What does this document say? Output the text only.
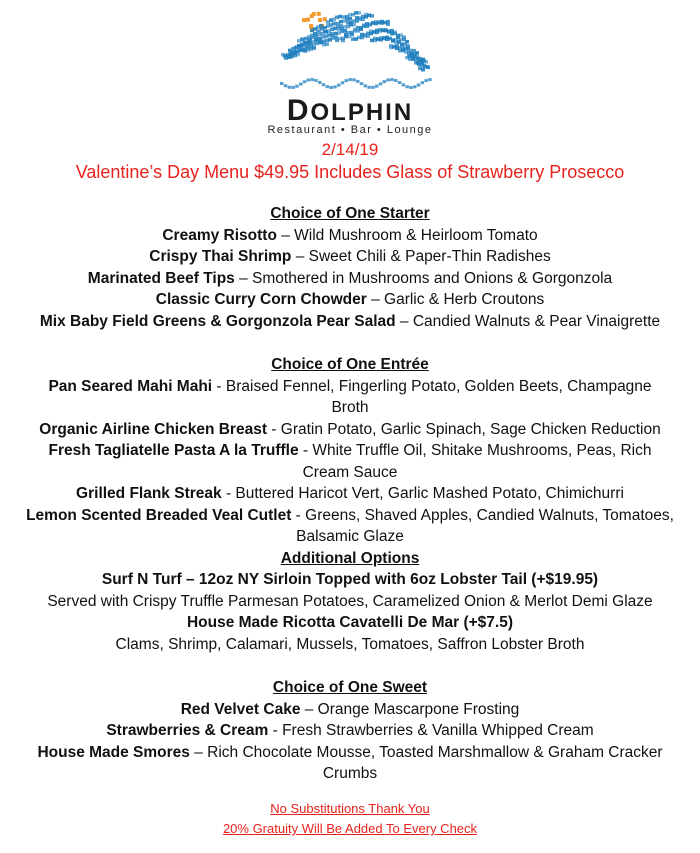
DOLPHIN
Restaurant • Bar • Lounge
2/14/19
Valentine’s Day Menu $49.95 Includes Glass of Strawberry Prosecco

Choice of One Starter

Creamy Risotto – Wild Mushroom & Heirloom Tomato

Crispy Thai Shrimp – Sweet Chili & Paper-Thin Radishes

Marinated Beef Tips – Smothered in Mushrooms and Onions & Gorgonzola

Classic Curry Corn Chowder – Garlic & Herb Croutons

Mix Baby Field Greens & Gorgonzola Pear Salad – Candied Walnuts & Pear Vinaigrette

Choice of One Entrée

Pan Seared Mahi Mahi - Braised Fennel, Fingerling Potato, Golden Beets, Champagne

Broth

Organic Airline Chicken Breast - Gratin Potato, Garlic Spinach, Sage Chicken Reduction

Fresh Tagliatelle Pasta A la Truffle - White Truffle Oil, Shitake Mushrooms, Peas, Rich

Cream Sauce

Grilled Flank Streak - Buttered Haricot Vert, Garlic Mashed Potato, Chimichurri

Lemon Scented Breaded Veal Cutlet - Greens, Shaved Apples, Candied Walnuts, Tomatoes,

Balsamic Glaze

Additional Options

Surf N Turf – 12oz NY Sirloin Topped with 6oz Lobster Tail (+$19.95)

Served with Crispy Truffle Parmesan Potatoes, Caramelized Onion & Merlot Demi Glaze

House Made Ricotta Cavatelli De Mar (+$7.5)

Clams, Shrimp, Calamari, Mussels, Tomatoes, Saffron Lobster Broth

Choice of One Sweet

Red Velvet Cake – Orange Mascarpone Frosting

Strawberries & Cream - Fresh Strawberries & Vanilla Whipped Cream

House Made Smores – Rich Chocolate Mousse, Toasted Marshmallow & Graham Cracker

Crumbs

No Substitutions Thank You

20% Gratuity Will Be Added To Every Check
